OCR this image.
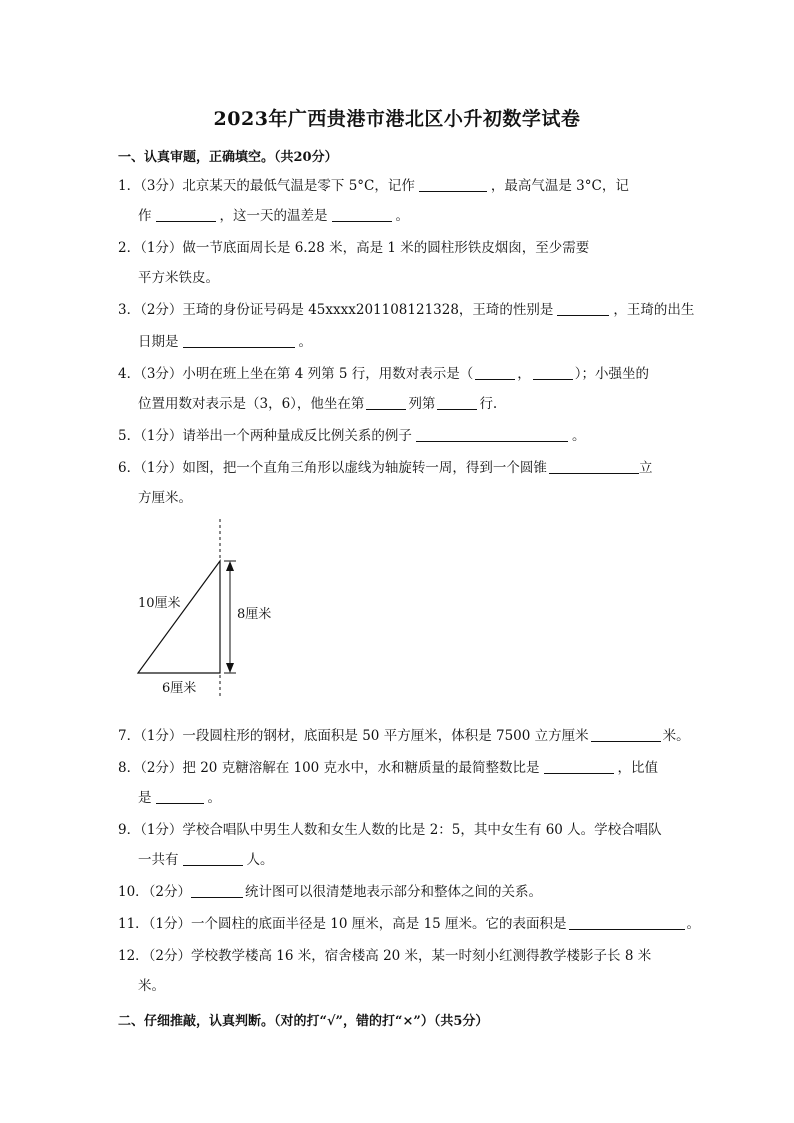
2023年广西贵港市港北区小升初数学试卷
一、认真审题，正确填空。（共20分）
1．（3分）北京某天的最低气温是零下 5°C，记作	，最高气温是 3°C，记
作	，这一天的温差是	。
2．（1分）做一节底面周长是 6.28 米，高是 1 米的圆柱形铁皮烟囱，至少需要
平方米铁皮。
3．（2分）王琦的身份证号码是 45xxxx201108121328，王琦的性别是	，王琦的出生
日期是	。
4．（3分）小明在班上坐在第 4 列第 5 行，用数对表示是（	，	）；小强坐的
位置用数对表示是（3，6），他坐在第	列第	行.
5．（1分）请举出一个两种量成反比例关系的例子	。
6．（1分）如图，把一个直角三角形以虚线为轴旋转一周，得到一个圆锥	立
方厘米。
10厘米
8厘米
6厘米
7．（1分）一段圆柱形的钢材，底面积是 50 平方厘米，体积是 7500 立方厘米	米。
8．（2分）把 20 克糖溶解在 100 克水中，水和糖质量的最简整数比是	，比值
是	。
9．（1分）学校合唱队中男生人数和女生人数的比是 2：5，其中女生有 60 人。学校合唱队
一共有	人。
10．（2分）	统计图可以很清楚地表示部分和整体之间的关系。
11．（1分）一个圆柱的底面半径是 10 厘米，高是 15 厘米。它的表面积是	。
12．（2分）学校教学楼高 16 米，宿舍楼高 20 米，某一时刻小红测得教学楼影子长 8 米
米。
二、仔细推敲，认真判断。（对的打“√”，错的打“×”）（共5分）
